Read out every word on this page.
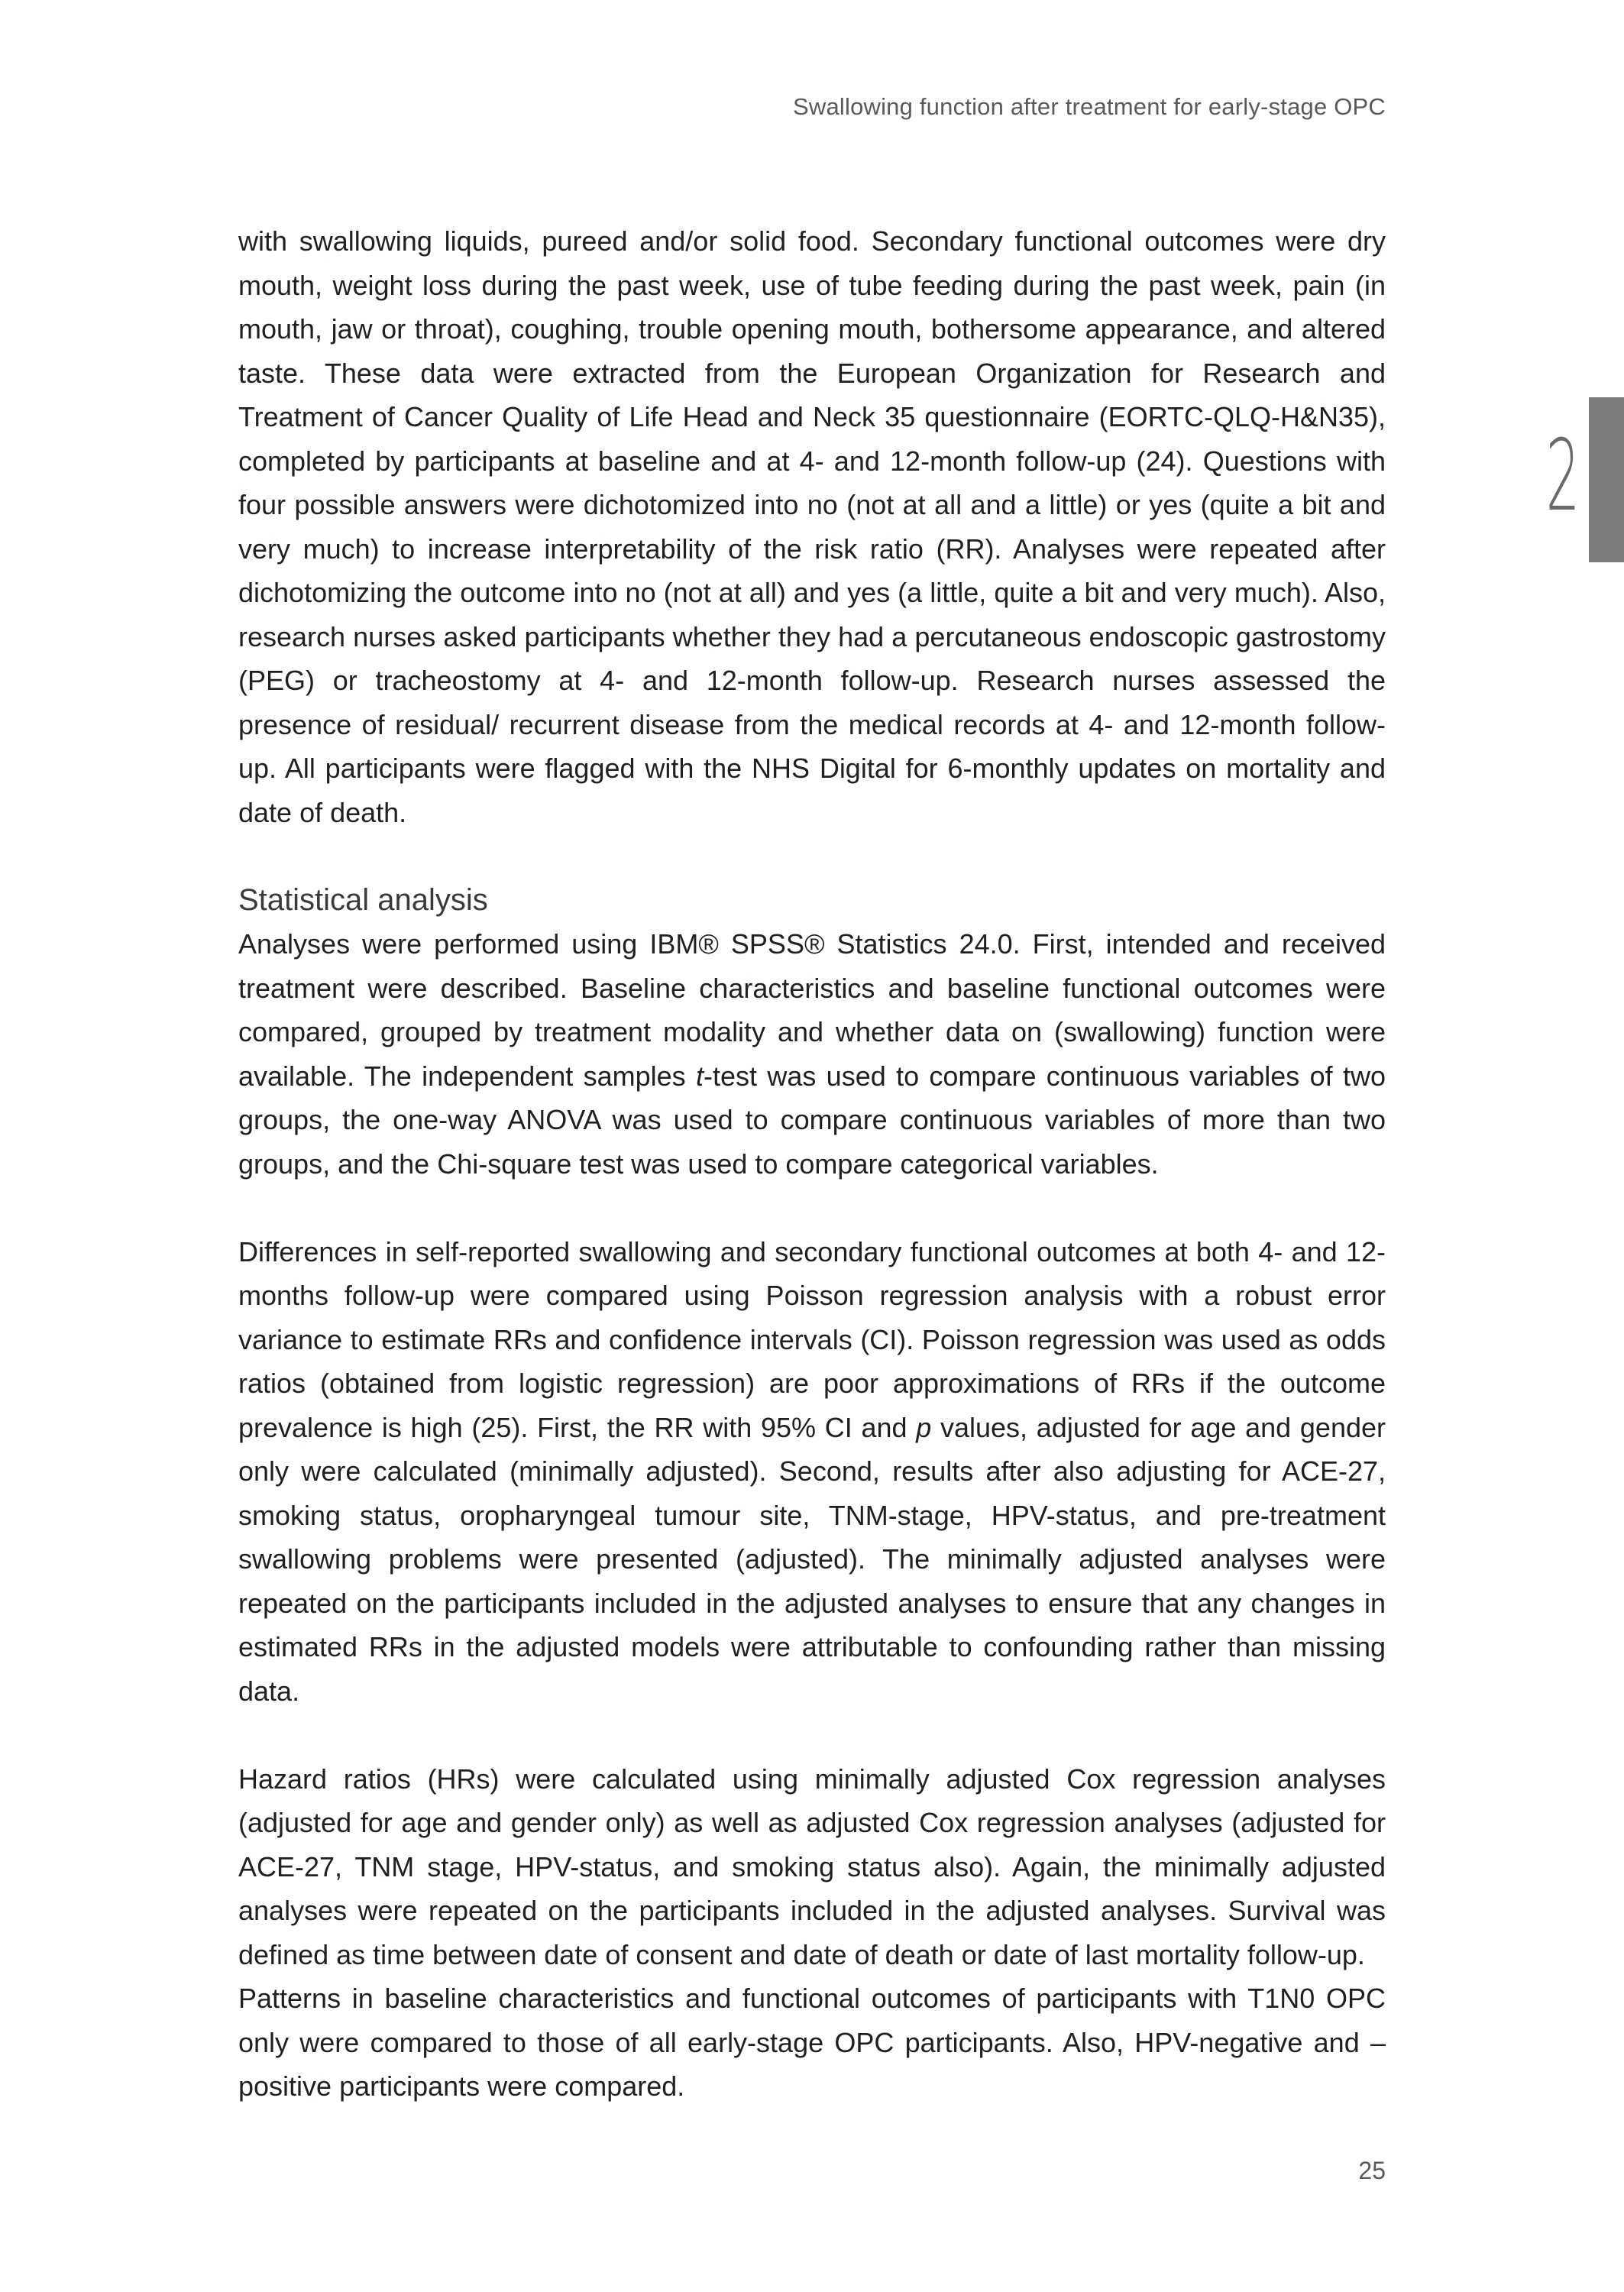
Swallowing function after treatment for early-stage OPC
2

with swallowing liquids, pureed and/or solid food. Secondary functional outcomes were dry mouth, weight loss during the past week, use of tube feeding during the past week, pain (in mouth, jaw or throat), coughing, trouble opening mouth, bothersome appearance, and altered taste. These data were extracted from the European Organization for Research and Treatment of Cancer Quality of Life Head and Neck 35 questionnaire (EORTC-QLQ-H&N35), completed by participants at baseline and at 4- and 12-month follow-up (24). Questions with four possible answers were dichotomized into no (not at all and a little) or yes (quite a bit and very much) to increase interpretability of the risk ratio (RR). Analyses were repeated after dichotomizing the outcome into no (not at all) and yes (a little, quite a bit and very much). Also, research nurses asked participants whether they had a percutaneous endoscopic gastrostomy (PEG) or tracheostomy at 4- and 12-month follow-up. Research nurses assessed the presence of residual/ recurrent disease from the medical records at 4- and 12-month follow-up. All participants were flagged with the NHS Digital for 6-monthly updates on mortality and date of death.

Statistical analysis

Analyses were performed using IBM® SPSS® Statistics 24.0. First, intended and received treatment were described. Baseline characteristics and baseline functional outcomes were compared, grouped by treatment modality and whether data on (swallowing) function were available. The independent samples t-test was used to compare continuous variables of two groups, the one-way ANOVA was used to compare continuous variables of more than two groups, and the Chi-square test was used to compare categorical variables.

Differences in self-reported swallowing and secondary functional outcomes at both 4- and 12-months follow-up were compared using Poisson regression analysis with a robust error variance to estimate RRs and confidence intervals (CI). Poisson regression was used as odds ratios (obtained from logistic regression) are poor approximations of RRs if the outcome prevalence is high (25). First, the RR with 95% CI and p values, adjusted for age and gender only were calculated (minimally adjusted). Second, results after also adjusting for ACE-27, smoking status, oropharyngeal tumour site, TNM-stage, HPV-status, and pre-treatment swallowing problems were presented (adjusted). The minimally adjusted analyses were repeated on the participants included in the adjusted analyses to ensure that any changes in estimated RRs in the adjusted models were attributable to confounding rather than missing data.

Hazard ratios (HRs) were calculated using minimally adjusted Cox regression analyses (adjusted for age and gender only) as well as adjusted Cox regression analyses (adjusted for ACE-27, TNM stage, HPV-status, and smoking status also). Again, the minimally adjusted analyses were repeated on the participants included in the adjusted analyses. Survival was defined as time between date of consent and date of death or date of last mortality follow-up.

Patterns in baseline characteristics and functional outcomes of participants with T1N0 OPC only were compared to those of all early-stage OPC participants. Also, HPV-negative and – positive participants were compared.

25
